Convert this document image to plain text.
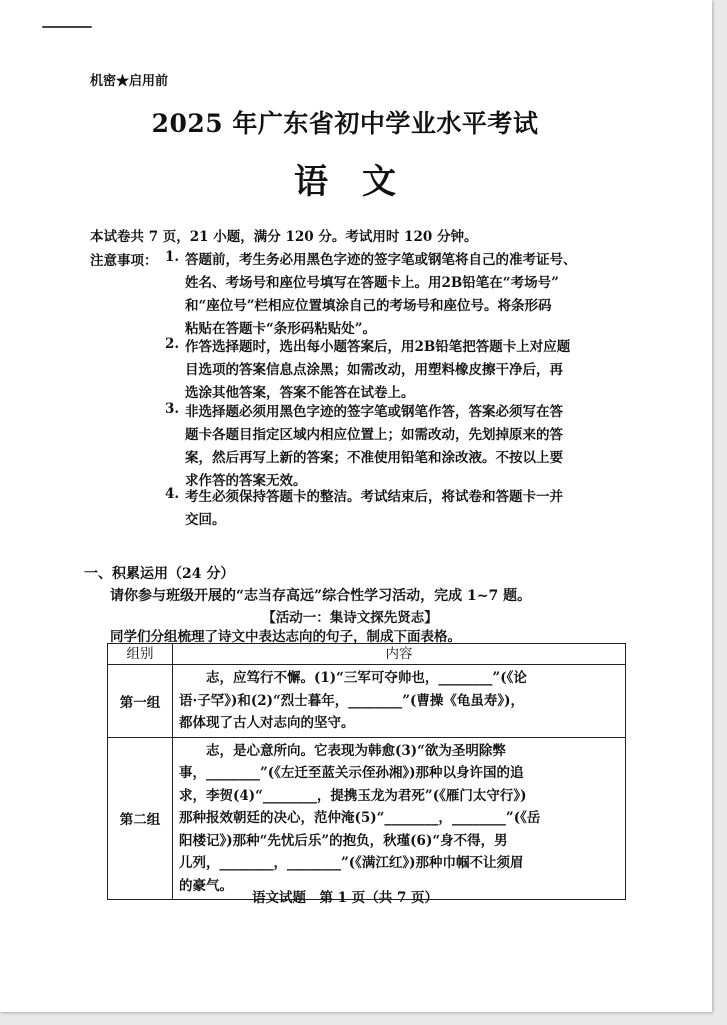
机密★启用前
2025 年广东省初中学业水平考试
语文
本试卷共 7 页，21 小题，满分 120 分。考试用时 120 分钟。
注意事项： 1. 答题前，考生务必用黑色字迹的签字笔或钢笔将自己的准考证号、
姓名、考场号和座位号填写在答题卡上。用2B铅笔在“考场号”
和“座位号”栏相应位置填涂自己的考场号和座位号。将条形码
粘贴在答题卡“条形码粘贴处”。
2. 作答选择题时，选出每小题答案后，用2B铅笔把答题卡上对应题
目选项的答案信息点涂黑；如需改动，用塑料橡皮擦干净后，再
选涂其他答案，答案不能答在试卷上。
3. 非选择题必须用黑色字迹的签字笔或钢笔作答，答案必须写在答
题卡各题目指定区域内相应位置上；如需改动，先划掉原来的答
案，然后再写上新的答案；不准使用铅笔和涂改液。不按以上要
求作答的答案无效。
4. 考生必须保持答题卡的整洁。考试结束后，将试卷和答题卡一并
交回。
一、积累运用（24 分）
请你参与班级开展的“志当存高远”综合性学习活动，完成 1~7 题。
【活动一：集诗文探先贤志】
同学们分组梳理了诗文中表达志向的句子，制成下面表格。
组别	内容
第一组
　　志，应笃行不懈。(1)“三军可夺帅也，________”(《论
语·子罕》)和(2)“烈士暮年，________”(曹操《龟虽寿》)，
都体现了古人对志向的坚守。
第二组
　　志，是心意所向。它表现为韩愈(3)“欲为圣明除弊
事，________”(《左迁至蓝关示侄孙湘》)那种以身许国的追
求，李贺(4)“________，提携玉龙为君死”(《雁门太守行》)
那种报效朝廷的决心，范仲淹(5)“________，________”(《岳
阳楼记》)那种“先忧后乐”的抱负，秋瑾(6)“身不得，男
儿列，________，________”(《满江红》)那种巾帼不让须眉
的豪气。
语文试题　第 1 页（共 7 页）
